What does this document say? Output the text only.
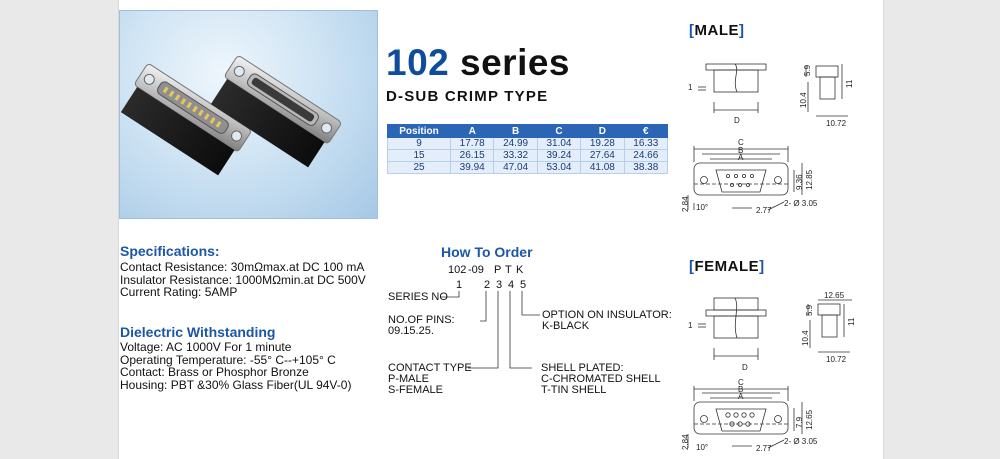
102 series
D-SUB CRIMP TYPE
Position	A	B	C	D	€
9	17.78	24.99	31.04	19.28	16.33
15	26.15	33.32	39.24	27.64	24.66
25	39.94	47.04	53.04	41.08	38.38
Specifications:
Contact Resistance: 30mΩmax.at DC 100 mA
Insulator Resistance: 1000MΩmin.at DC 500V
Current Rating: 5AMP
Dielectric Withstanding
Voltage: AC 1000V For 1 minute
Operating Temperature: -55° C--+105° C
Contact: Brass or Phosphor Bronze
Housing: PBT &30% Glass Fiber(UL 94V-0)
How To Order
102 -09 P T K
1 2 3 4 5
SERIES NO
NO.OF PINS:
09.15.25.
CONTACT TYPE
P-MALE
S-FEMALE
OPTION ON INSULATOR:
K-BLACK
SHELL PLATED:
C-CHROMATED SHELL
T-TIN SHELL
[MALE]
1
D
5.9
11
10.4
10.72
C
B
A
9.36 12.85
2.84 10°	2.77
2- Ø 3.05
[FEMALE]
1
D
12.65
5.9
11
10.4
10.72
C
B
A
7.9 12.65
2.84 10°	2.77
2- Ø 3.05
